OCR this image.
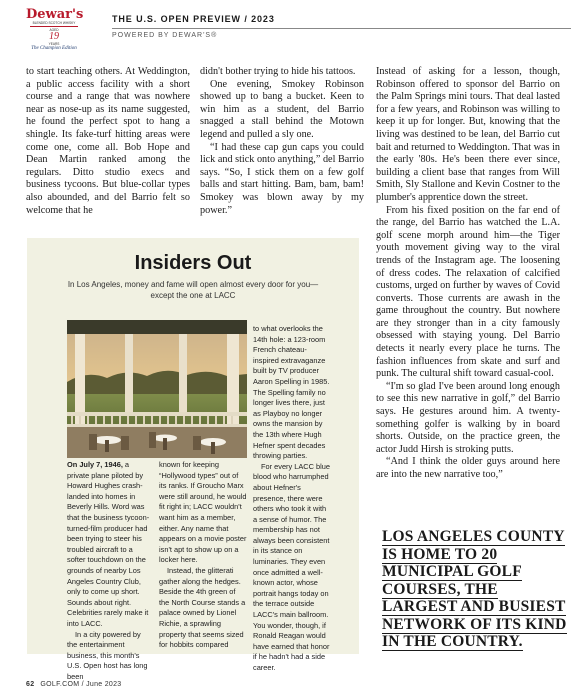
Dewar's
BLENDED SCOTCH WHISKY
AGED
19
YEARS
The Champion Edition
THE U.S. OPEN PREVIEW / 2023
POWERED BY DEWAR'S®

to start teaching others. At Weddington, a public access facility with a short course and a range that was nowhere near as nose-up as its name suggested, he found the perfect spot to hang a shingle. Its fake-turf hitting areas were come one, come all. Bob Hope and Dean Martin ranked among the regulars. Ditto studio execs and business tycoons. But blue-collar types also abounded, and del Barrio felt so welcome that he

didn't bother trying to hide his tattoos.

One evening, Smokey Robinson showed up to bang a bucket. Keen to win him as a student, del Barrio snagged a stall behind the Motown legend and pulled a sly one.

“I had these cap gun caps you could lick and stick onto anything,” del Barrio says. “So, I stick them on a few golf balls and start hitting. Bam, bam, bam! Smokey was blown away by my power.”

Instead of asking for a lesson, though, Robinson offered to sponsor del Barrio on the Palm Springs mini tours. That deal lasted for a few years, and Robinson was willing to keep it up for longer. But, knowing that the living was destined to be lean, del Barrio cut bait and returned to Weddington. That was in the early '80s. He's been there ever since, building a client base that ranges from Will Smith, Sly Stallone and Kevin Costner to the plumber's apprentice down the street.

From his fixed position on the far end of the range, del Barrio has watched the L.A. golf scene morph around him—the Tiger youth movement giving way to the viral trends of the Instagram age. The loosening of dress codes. The relaxation of calcified customs, urged on further by waves of Covid converts. Those currents are awash in the game throughout the country. But nowhere are they stronger than in a city famously obsessed with staying young. Del Barrio detects it nearly every place he turns. The fashion influences from skate and surf and punk. The cultural shift toward casual-cool.

“I'm so glad I've been around long enough to see this new narrative in golf,” del Barrio says. He gestures around him. A twenty-something golfer is walking by in board shorts. Outside, on the practice green, the actor Judd Hirsh is stroking putts.

“And I think the older guys around here are into the new narrative too,”

Insiders Out
In Los Angeles, money and fame will open almost every door for you—except the one at LACC

On July 7, 1946, a private plane piloted by Howard Hughes crash-landed into homes in Beverly Hills. Word was that the business tycoon-turned-film producer had been trying to steer his troubled aircraft to a softer touchdown on the grounds of nearby Los Angeles Country Club, only to come up short. Sounds about right. Celebrities rarely make it into LACC.

In a city powered by the entertainment business, this month's U.S. Open host has long been

known for keeping “Hollywood types” out of its ranks. If Groucho Marx were still around, he would fit right in; LACC wouldn't want him as a member, either. Any name that appears on a movie poster isn't apt to show up on a locker here.

Instead, the glitterati gather along the hedges. Beside the 4th green of the North Course stands a palace owned by Lionel Richie, a sprawling property that seems sized for hobbits compared

to what overlooks the 14th hole: a 123-room French chateau-inspired extravaganze built by TV producer Aaron Spelling in 1985. The Spelling family no longer lives there, just as Playboy no longer owns the mansion by the 13th where Hugh Hefner spent decades throwing parties.

For every LACC blue blood who harrumphed about Hefner's presence, there were others who took it with a sense of humor. The membership has not always been consistent in its stance on luminaries. They even once admitted a well-known actor, whose portrait hangs today on the terrace outside LACC's main ballroom. You wonder, though, if Ronald Reagan would have earned that honor if he hadn't had a side career.

LOS ANGELES COUNTY IS HOME TO 20 MUNICIPAL GOLF COURSES, THE LARGEST AND BUSIEST NETWORK OF ITS KIND IN THE COUNTRY.
62 GOLF.COM / June 2023
